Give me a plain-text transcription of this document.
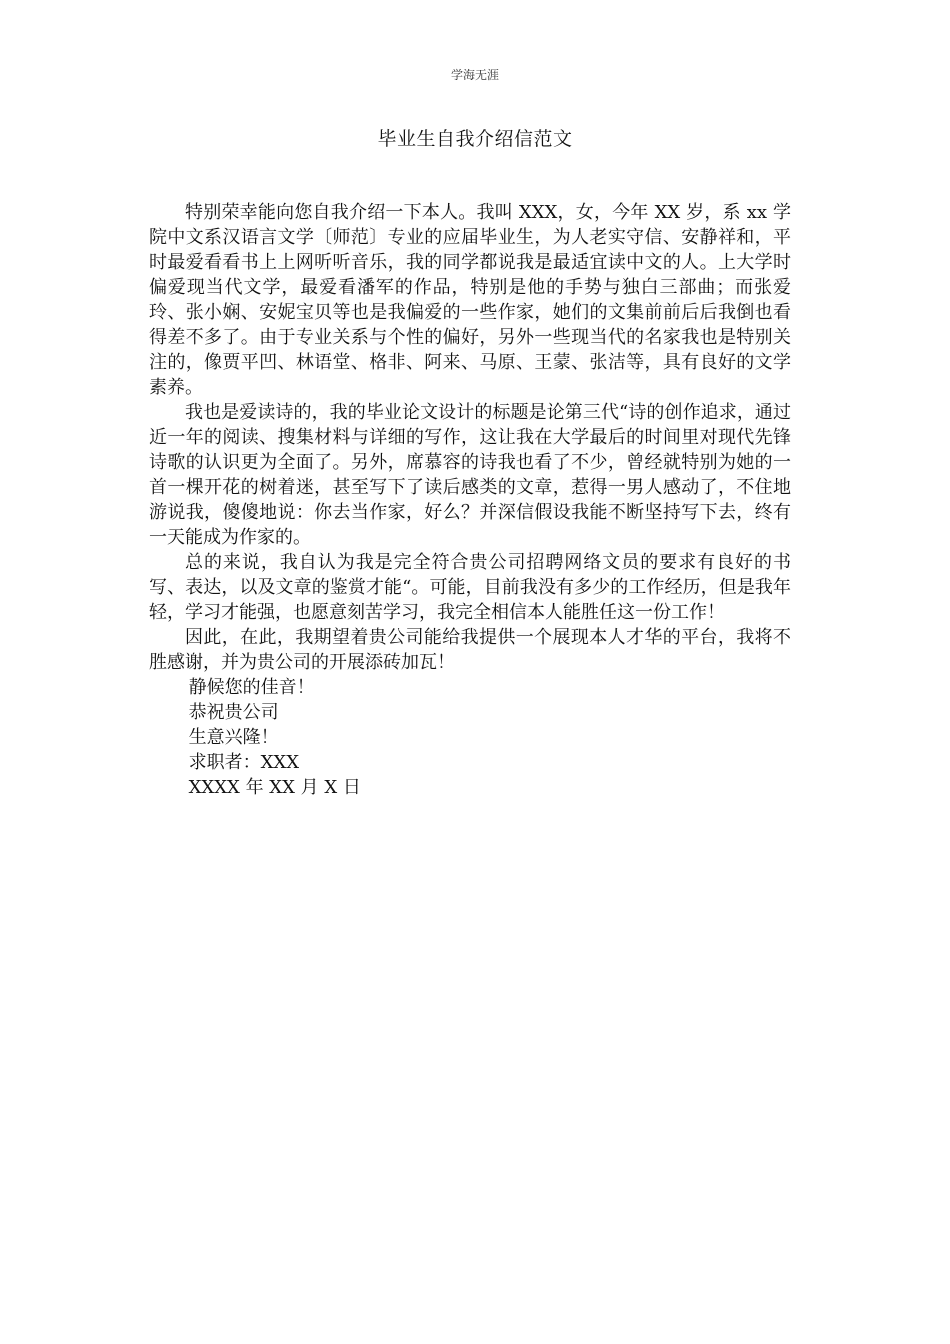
学海无涯
毕业生自我介绍信范文

特别荣幸能向您自我介绍一下本人。我叫 XXX，女，今年 XX 岁，系 xx 学院中文系汉语言文学〔师范〕专业的应届毕业生，为人老实守信、安静祥和，平时最爱看看书上上网听听音乐，我的同学都说我是最适宜读中文的人。上大学时偏爱现当代文学，最爱看潘军的作品，特别是他的手势与独白三部曲；而张爱玲、张小娴、安妮宝贝等也是我偏爱的一些作家，她们的文集前前后后我倒也看得差不多了。由于专业关系与个性的偏好，另外一些现当代的名家我也是特别关注的，像贾平凹、林语堂、格非、阿来、马原、王蒙、张洁等，具有良好的文学素养。

我也是爱读诗的，我的毕业论文设计的标题是论第三代“诗的创作追求，通过近一年的阅读、搜集材料与详细的写作，这让我在大学最后的时间里对现代先锋诗歌的认识更为全面了。另外，席慕容的诗我也看了不少，曾经就特别为她的一首一棵开花的树着迷，甚至写下了读后感类的文章，惹得一男人感动了，不住地游说我，傻傻地说：你去当作家，好么？并深信假设我能不断坚持写下去，终有一天能成为作家的。

总的来说，我自认为我是完全符合贵公司招聘网络文员的要求有良好的书写、表达，以及文章的鉴赏才能“。可能，目前我没有多少的工作经历，但是我年轻，学习才能强，也愿意刻苦学习，我完全相信本人能胜任这一份工作！

因此，在此，我期望着贵公司能给我提供一个展现本人才华的平台，我将不胜感谢，并为贵公司的开展添砖加瓦！

静候您的佳音！

恭祝贵公司

生意兴隆！

求职者：XXX

XXXX 年 XX 月 X 日
